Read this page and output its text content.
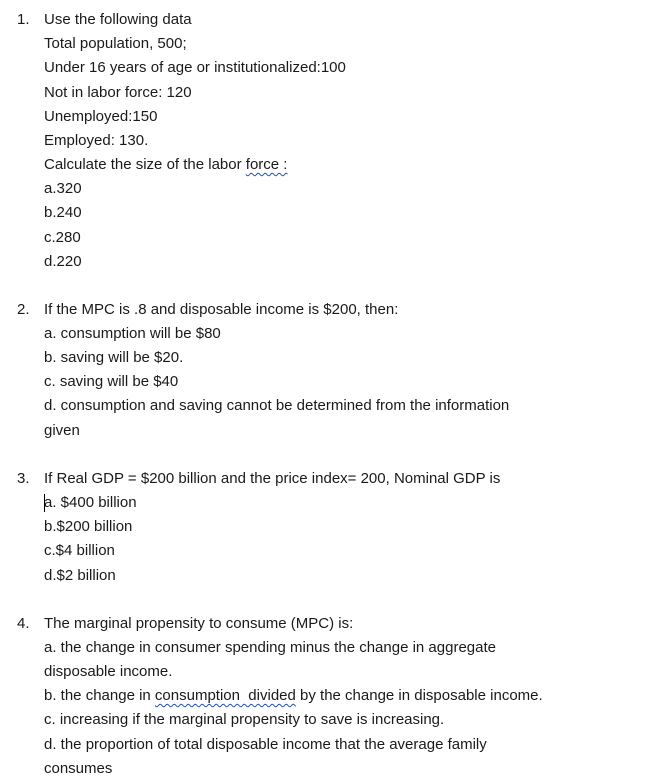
1. Use the following data
Total population, 500;
Under 16 years of age or institutionalized:100
Not in labor force: 120
Unemployed:150
Employed: 130.
Calculate the size of the labor force :
a.320
b.240
c.280
d.220
2. If the MPC is .8 and disposable income is $200, then:
a. consumption will be $80
b. saving will be $20.
c. saving will be $40
d. consumption and saving cannot be determined from the information
given
3. If Real GDP = $200 billion and the price index= 200, Nominal GDP is
a. $400 billion
b.$200 billion
c.$4 billion
d.$2 billion
4. The marginal propensity to consume (MPC) is:
a. the change in consumer spending minus the change in aggregate
disposable income.
b. the change in consumption  divided by the change in disposable income.
c. increasing if the marginal propensity to save is increasing.
d. the proportion of total disposable income that the average family
consumes
